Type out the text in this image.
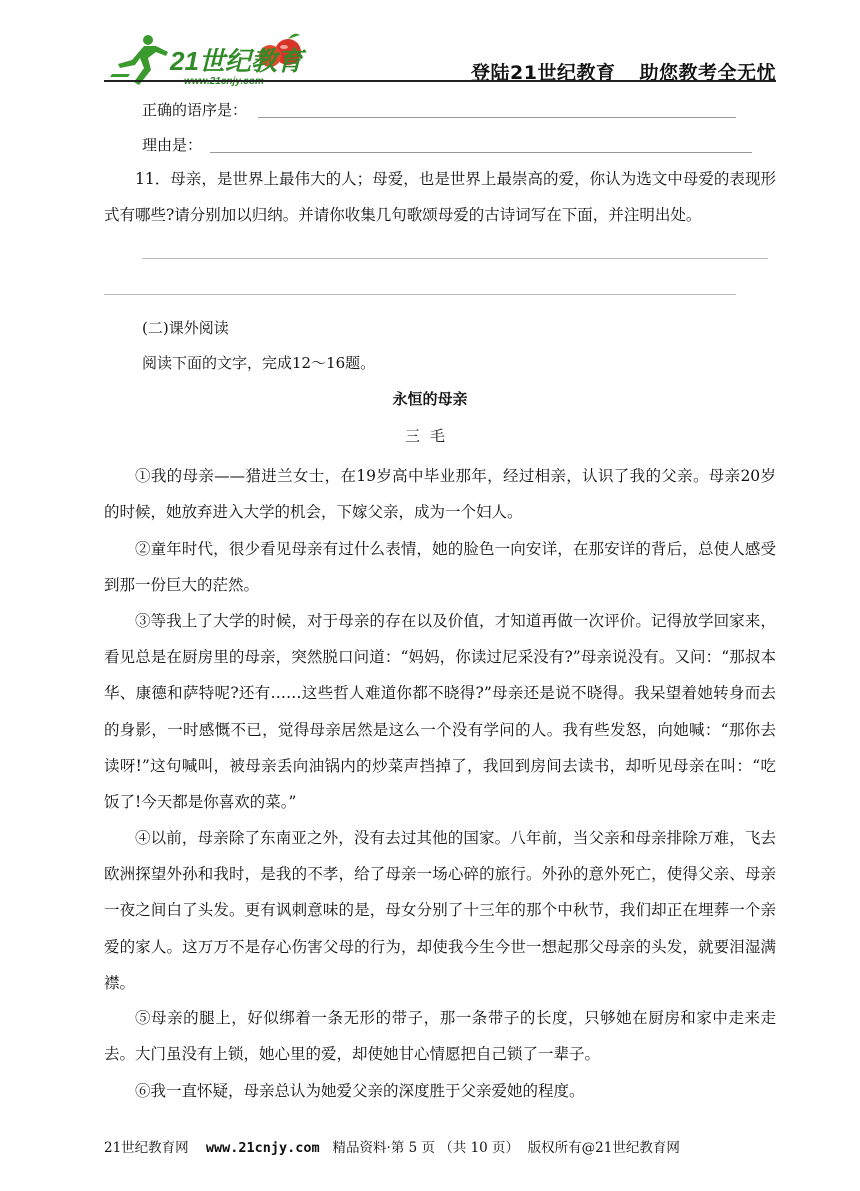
21世纪教育
www.21cnjy.com	登陆21世纪教育 助您教考全无忧
正确的语序是：
理由是：
11．母亲，是世界上最伟大的人；母爱，也是世界上最崇高的爱，你认为选文中母爱的表现形式有哪些?请分别加以归纳。并请你收集几句歌颂母爱的古诗词写在下面，并注明出处。
(二)课外阅读
阅读下面的文字，完成12～16题。
永恒的母亲
三毛
①我的母亲——猎进兰女士，在19岁高中毕业那年，经过相亲，认识了我的父亲。母亲20岁的时候，她放弃进入大学的机会，下嫁父亲，成为一个妇人。
②童年时代，很少看见母亲有过什么表情，她的脸色一向安详，在那安详的背后，总使人感受到那一份巨大的茫然。
③等我上了大学的时候，对于母亲的存在以及价值，才知道再做一次评价。记得放学回家来，看见总是在厨房里的母亲，突然脱口问道：“妈妈，你读过尼采没有?”母亲说没有。又问：“那叔本华、康德和萨特呢?还有……这些哲人难道你都不晓得?”母亲还是说不晓得。我呆望着她转身而去的身影，一时感慨不已，觉得母亲居然是这么一个没有学问的人。我有些发怒，向她喊：“那你去读呀!”这句喊叫，被母亲丢向油锅内的炒菜声挡掉了，我回到房间去读书，却听见母亲在叫：“吃饭了!今天都是你喜欢的菜。”
④以前，母亲除了东南亚之外，没有去过其他的国家。八年前，当父亲和母亲排除万难，飞去欧洲探望外孙和我时，是我的不孝，给了母亲一场心碎的旅行。外孙的意外死亡，使得父亲、母亲一夜之间白了头发。更有讽刺意味的是，母女分别了十三年的那个中秋节，我们却正在埋葬一个亲爱的家人。这万万不是存心伤害父母的行为，却使我今生今世一想起那父母亲的头发，就要泪湿满襟。
⑤母亲的腿上，好似绑着一条无形的带子，那一条带子的长度，只够她在厨房和家中走来走去。大门虽没有上锁，她心里的爱，却使她甘心情愿把自己锁了一辈子。
⑥我一直怀疑，母亲总认为她爱父亲的深度胜于父亲爱她的程度。
21世纪教育网 www.21cnjy.com 精品资料·第 5 页 （共 10 页） 版权所有@21世纪教育网
